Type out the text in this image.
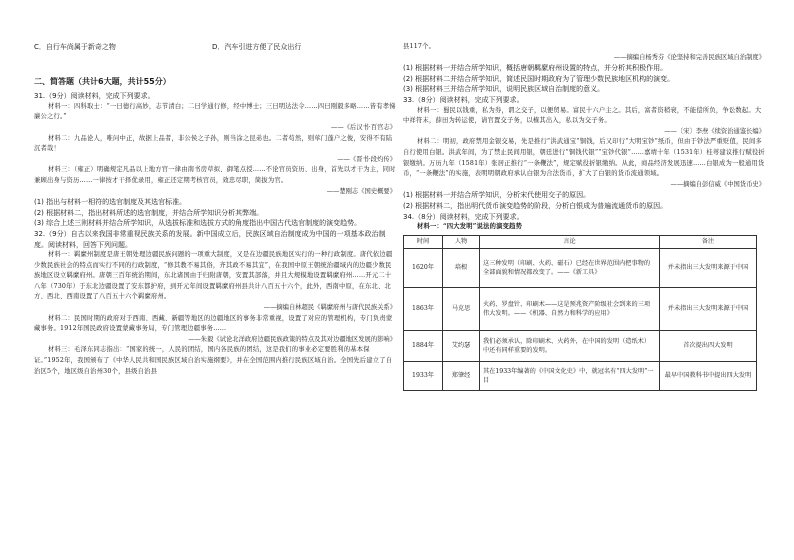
C．自行车尚属于新奇之物	D．汽车引进方便了民众出行

二、简答题（共计6大题，共计55分）

31.（9分）阅读材料，完成下列要求。

材料一：四科取士：“一曰德行高妙，志节清白；二曰学通行修，经中博士；三曰明达法令……四曰刚毅多略……皆有孝悌廉公之行。”

——《后汉书·百官志》

材料二：九品论人，唯问中正，故据上品者，非公侯之子孙，则当涂之昆弟也。二者苟然，则荜门蓬户之俊，安得不有陆沉者哉！

——《晋书·段灼传》

材料三：（雍正）明确规定凡品以上地方官一律由南书房草拟、御笔点授……不论官员资历、出身，首先以才干为主，同时兼顾出身与资历……一律按才干择优录用，雍正还定期考核官员，效忠尽职，简拔为官。

——楚刚志《国史概要》

(1) 指出与材料一相符的选官制度及其选官标准。

(2) 根据材料二，指出材料所述的选官制度，并结合所学知识分析其弊端。

(3) 综合上述三则材料并结合所学知识，从选拔标准和选拔方式的角度指出中国古代选官制度的演变趋势。

32.（9分）自古以来我国非常重视民族关系的发展。新中国成立后，民族区域自治制度成为中国的一项基本政治制度。阅读材料，回答下列问题。

材料一：羁縻州制度是唐王朝处理边疆民族问题的一项重大制度，又是在边疆民族地区实行的一种行政制度。唐代依边疆少数民族社会的特点而实行不同的行政制度，“修其教不易其俗，齐其政不易其宜”，在我国中原王朝统治疆域内的边疆少数民族地区设立羁縻府州。唐朝三百年统治期间，东北诸国由于归附唐朝，安置其部落，并且大规模地设置羁縻府州……开元二十八年（730年）于东北边疆设置了安东都护府，到开元年间设置羁縻府州县共计八百五十六个，此外，西南中原，在东北、北方、西北、西南设置了八百五十六个羁縻府州。

——摘编自林超民《羁縻府州与唐代民族关系》

材料二：民国时期的政府对于西南、西藏、新疆等地区的边疆地区的事务非常重视，设置了对应的管理机构，专门负责蒙藏事务。1912年国民政府设置蒙藏事务局，专门管理边疆事务……

——朱毅《试论北洋政府边疆民族政策的特点及其对边疆地区发展的影响》

材料三：毛泽东同志指出：“国家的统一，人民的团结，国内各民族的团结，这是我们的事业必定要胜利的基本保证。”1952年，我国颁布了《中华人民共和国民族区域自治实施纲要》，并在全国范围内推行民族区域自治。全国先后建立了自治区5个，地区级自治州30个，县级自治县

县117个。

——摘编自杨秀芬《论坚持和完善民族区域自治制度》

(1) 根据材料一并结合所学知识，概括唐朝羁縻府州设置的特点，并分析其积极作用。

(2) 根据材料二并结合所学知识，简述民国时期政府为了管理少数民族地区机构的演变。

(3) 根据材料三并结合所学知识，说明民族区域自治制度的意义。

33.（8分）阅读材料，完成下列要求。

材料一：蜀民以钱重，私为券，谓之交子，以便贸易。富民十六户主之。其后，富者资稍衰，不能偿所负，争讼数起。大中祥符末，薛田为转运使，请官置交子务，以榷其出入，私以为交子务。

——〔宋〕李焘《续资治通鉴长编》

材料二：明初，政府禁用金银交易，先是推行“洪武通宝”铜钱，后又印行“大明宝钞”纸币，但由于钞法严重贬值，民间多自行使用白银。洪武年间，为了禁止民间用银，朝廷进行“铜钱代银”“宝钞代银”……嘉靖十年（1531年）桂萼建议推行赋役折银缴纳。万历九年（1581年）张居正推行“一条鞭法”，规定赋役折银缴纳。从此，商品经济发展迅速……白银成为一般通用货币，“一条鞭法”的实施，表明明朝政府承认白银为合法货币，扩大了白银的货币流通领域。

——摘编自彭信威《中国货币史》

(1) 根据材料一并结合所学知识，分析宋代使用交子的原因。

(2) 根据材料二，指出明代货币演变趋势的阶段，分析白银成为普遍流通货币的原因。

34.（8分）阅读材料，完成下列要求。

材料一：“四大发明”说法的演变趋势

时间	人物	言论	备注
1620年	培根	这三种发明（印刷、火药、磁石）已经在世界范围内把事物的全部面貌和情况都改变了。——《新工具》	并未指出三大发明来源于中国
1863年	马克思	火药、罗盘针、印刷术——这是预兆资产阶级社会到来的三项伟大发明。——《机器、自然力和科学的应用》	并未指出三大发明来源于中国
1884年	艾约瑟	我们必须承认，除印刷术、火药外，在中国的发明（造纸术）中还有同样重要的发明。	首次提出四大发明
1933年	郑肇经	其在1933年编著的《中国文化史》中，就冠名有“四大发明”一目	最早中国教科书中提出四大发明
